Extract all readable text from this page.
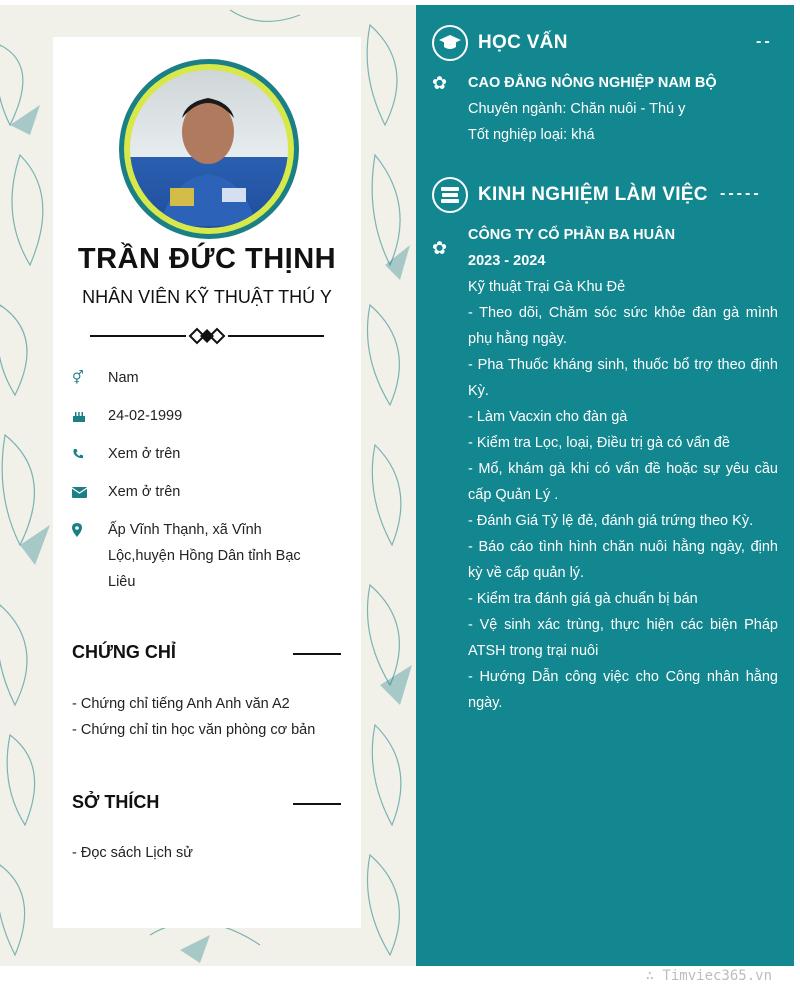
TRẦN ĐỨC THỊNH
NHÂN VIÊN KỸ THUẬT THÚ Y
⚥	Nam
24-02-1999
Xem ở trên
Xem ở trên
Ấp Vĩnh Thạnh, xã Vĩnh Lộc,huyện Hồng Dân tỉnh Bạc Liêu
CHỨNG CHỈ
- Chứng chỉ tiếng Anh Anh văn A2
- Chứng chỉ tin học văn phòng cơ bản
SỞ THÍCH
- Đọc sách Lịch sử
HỌC VẤN	--
✿ CAO ĐẲNG NÔNG NGHIỆP NAM BỘ
Chuyên ngành: Chăn nuôi - Thú y
Tốt nghiệp loại: khá
KINH NGHIỆM LÀM VIỆC -----
✿
CÔNG TY CỔ PHẦN BA HUÂN
2023 - 2024
Kỹ thuật Trại Gà Khu Đẻ
- Theo dõi, Chăm sóc sức khỏe đàn gà mình phụ hằng ngày.
- Pha Thuốc kháng sinh, thuốc bổ trợ theo định Kỳ.
- Làm Vacxin cho đàn gà
- Kiểm tra Lọc, loại, Điều trị gà có vấn đề
- Mổ, khám gà khi có vấn đề hoặc sự yêu cầu cấp Quản Lý .
- Đánh Giá Tỷ lệ đẻ, đánh giá trứng theo Kỳ.
- Báo cáo tình hình chăn nuôi hằng ngày, định kỳ về cấp quản lý.
- Kiểm tra đánh giá gà chuẩn bị bán
- Vệ sinh xác trùng, thực hiện các biện Pháp ATSH trong trại nuôi
- Hướng Dẫn công việc cho Công nhân hằng ngày.
∴ Timviec365.vn
